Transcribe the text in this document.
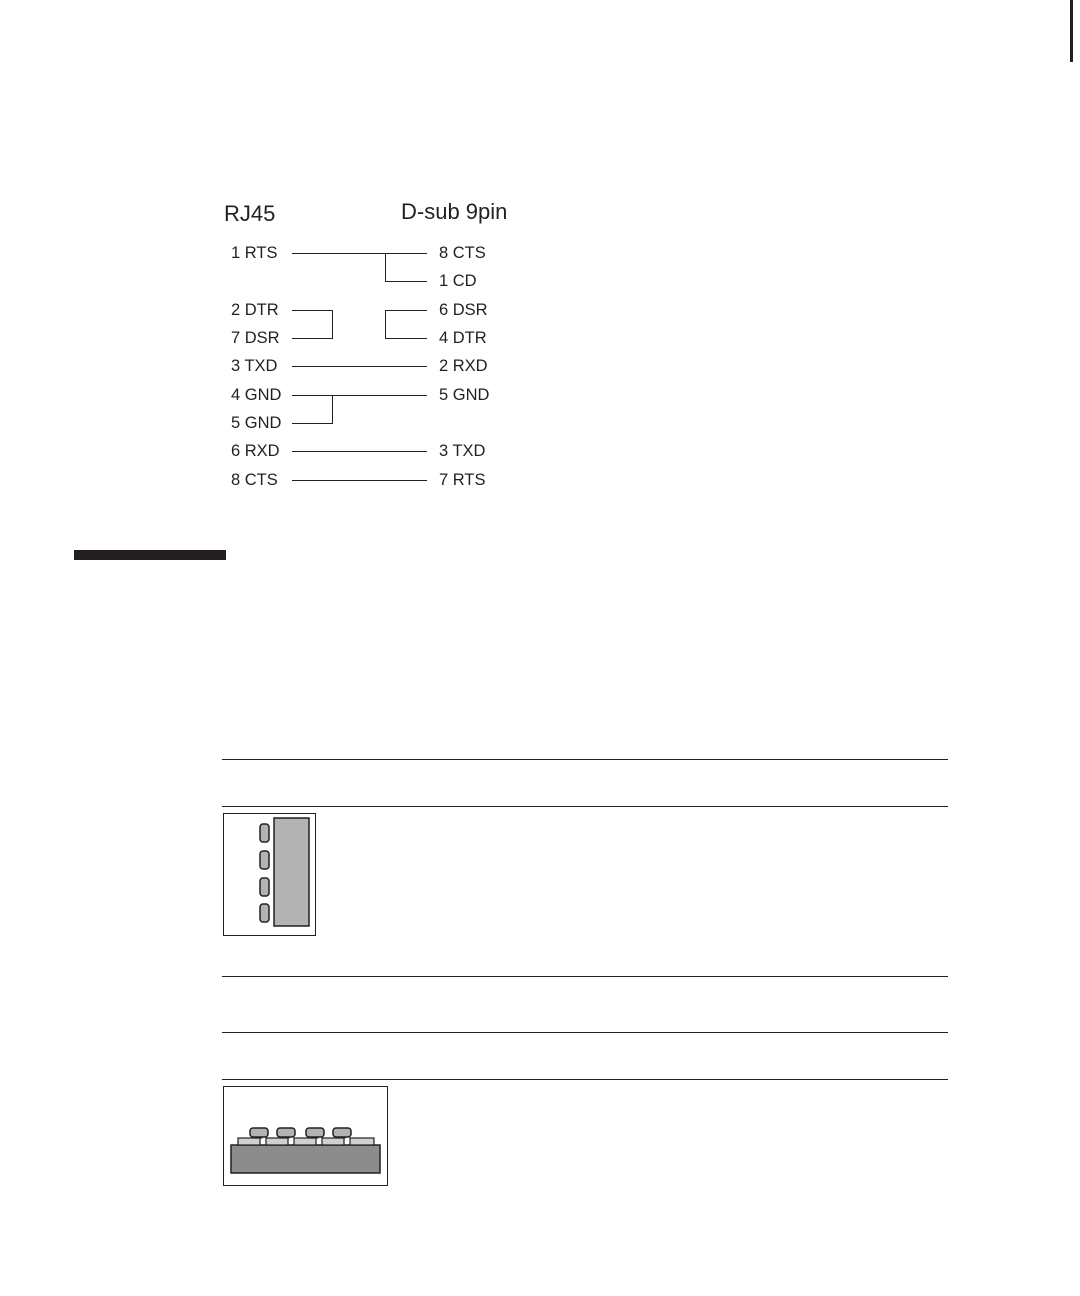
RJ45	D-sub 9pin
1 RTS
2 DTR
7 DSR
3 TXD
4 GND
5 GND
6 RXD
8 CTS
8 CTS
1 CD
6 DSR
4 DTR
2 RXD
5 GND
3 TXD
7 RTS
